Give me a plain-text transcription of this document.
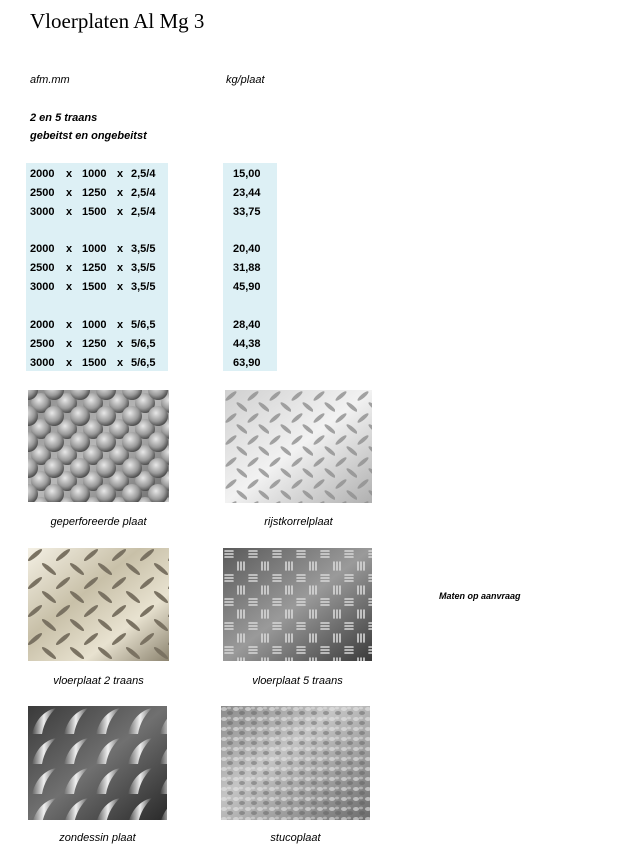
Vloerplaten Al Mg 3
afm.mm	kg/plaat
2 en 5 traans
gebeitst en ongebeitst
2000 x 1000 x 2,5/4	15,00
2500 x 1250 x 2,5/4	23,44
3000 x 1500 x 2,5/4	33,75
2000 x 1000 x 3,5/5	20,40
2500 x 1250 x 3,5/5	31,88
3000 x 1500 x 3,5/5	45,90
2000 x 1000 x 5/6,5	28,40
2500 x 1250 x 5/6,5	44,38
3000 x 1500 x 5/6,5	63,90
geperforeerde plaat	rijstkorrelplaat
vloerplaat 2 traans	vloerplaat 5 traans
Maten op aanvraag
zondessin plaat	stucoplaat
